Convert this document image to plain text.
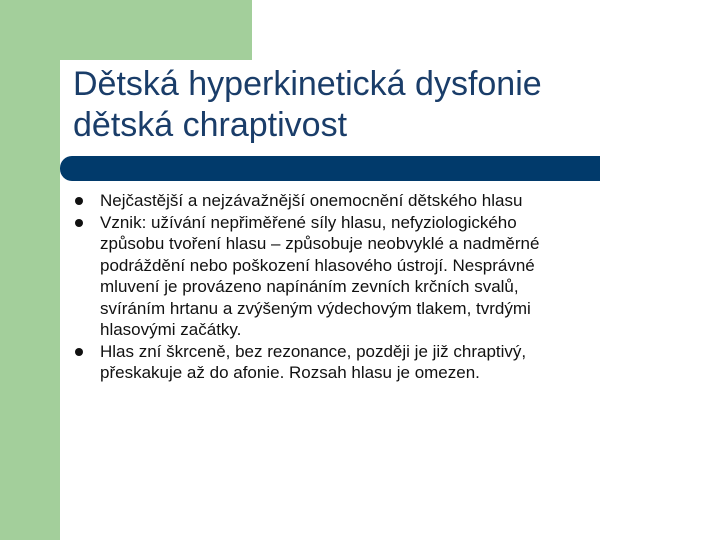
Dětská hyperkinetická dysfonie
dětská chraptivost
Nejčastější a nejzávažnější onemocnění dětského hlasu
Vznik: užívání nepřiměřené síly hlasu, nefyziologického
způsobu tvoření hlasu – způsobuje neobvyklé a nadměrné
podráždění nebo poškození hlasového ústrojí. Nesprávné
mluvení je provázeno napínáním zevních krčních svalů,
svíráním hrtanu a zvýšeným výdechovým tlakem, tvrdými
hlasovými začátky.
Hlas zní škrceně, bez rezonance, později je již chraptivý,
přeskakuje až do afonie. Rozsah hlasu je omezen.
